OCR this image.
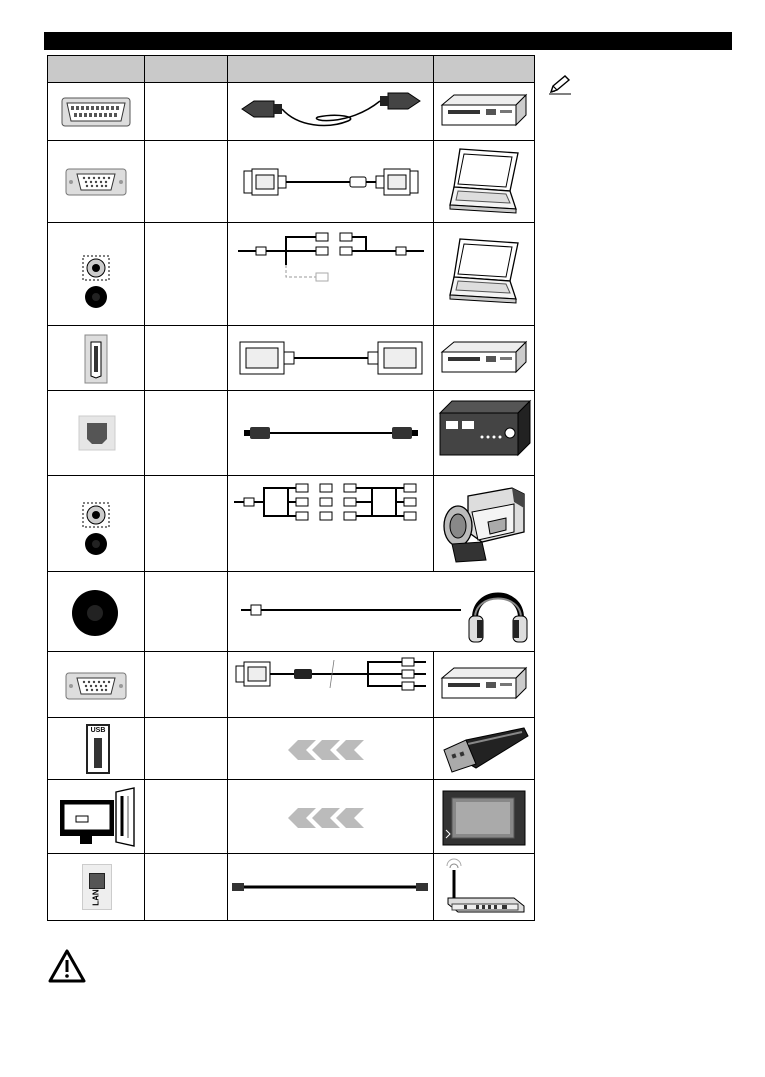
USB
LAN
